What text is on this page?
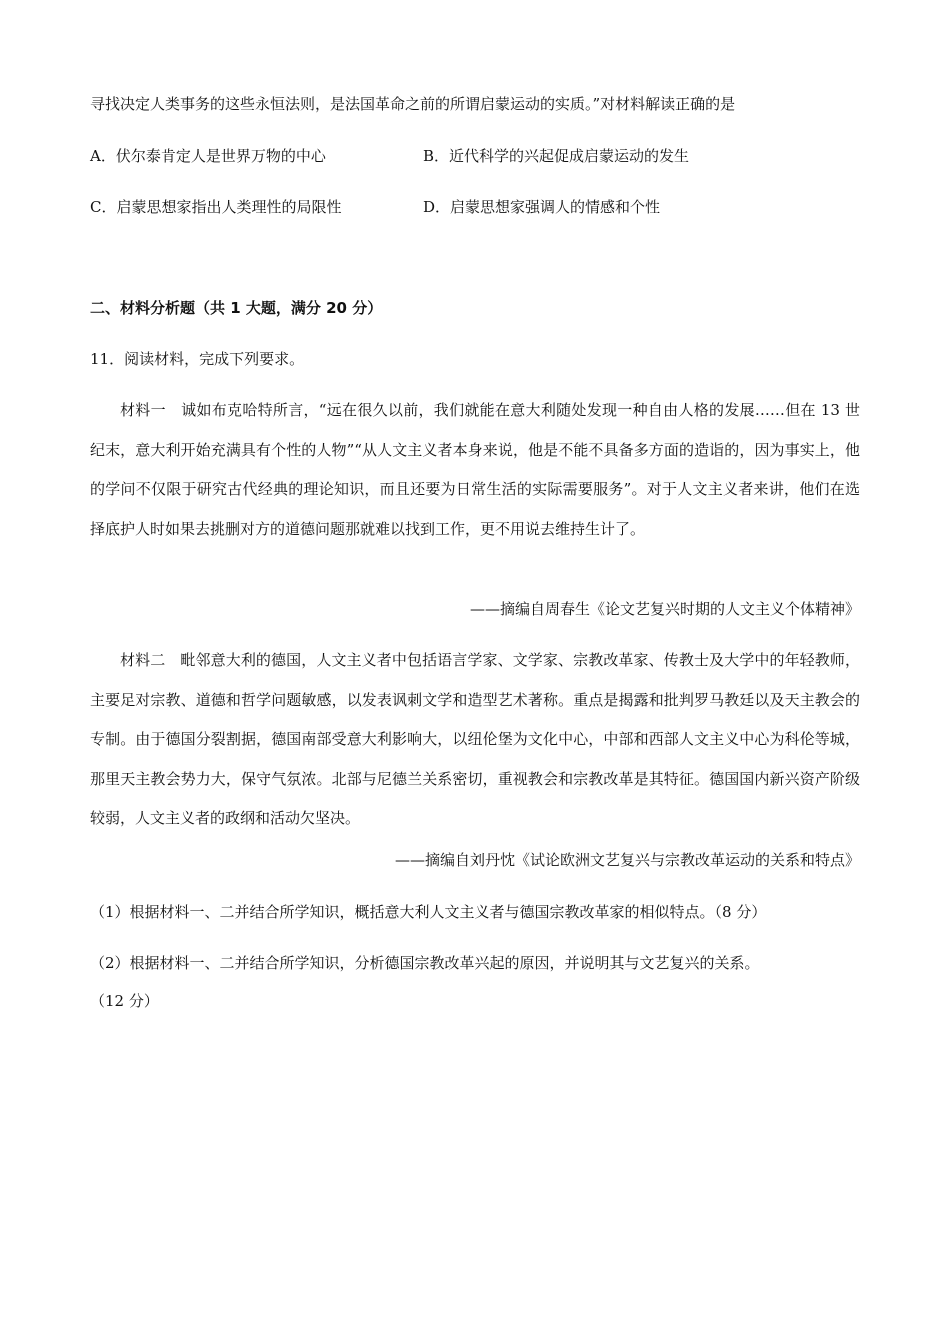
寻找决定人类事务的这些永恒法则，是法国革命之前的所谓启蒙运动的实质。”对材料解读正确的是
A．伏尔泰肯定人是世界万物的中心	B．近代科学的兴起促成启蒙运动的发生
C．启蒙思想家指出人类理性的局限性	D．启蒙思想家强调人的情感和个性
二、材料分析题（共 1 大题，满分 20 分）
11．阅读材料，完成下列要求。
材料一　诚如布克哈特所言，“远在很久以前，我们就能在意大利随处发现一种自由人格的发展……但在 13 世纪末，意大利开始充满具有个性的人物”“从人文主义者本身来说，他是不能不具备多方面的造诣的，因为事实上，他的学问不仅限于研究古代经典的理论知识，而且还要为日常生活的实际需要服务”。对于人文主义者来讲，他们在选择底护人时如果去挑删对方的道德问题那就难以找到工作，更不用说去维持生计了。
——摘编自周春生《论文艺复兴时期的人文主义个体精神》
材料二　毗邻意大利的德国，人文主义者中包括语言学家、文学家、宗教改革家、传教士及大学中的年轻教师，主要足对宗教、道德和哲学问题敏感，以发表讽刺文学和造型艺术著称。重点是揭露和批判罗马教廷以及天主教会的专制。由于德国分裂割据，德国南部受意大利影响大，以纽伦堡为文化中心，中部和西部人文主义中心为科伦等城，那里天主教会势力大，保守气氛浓。北部与尼德兰关系密切，重视教会和宗教改革是其特征。德国国内新兴资产阶级较弱，人文主义者的政纲和活动欠坚决。
——摘编自刘丹忱《试论欧洲文艺复兴与宗教改革运动的关系和特点》
（1）根据材料一、二并结合所学知识，概括意大利人文主义者与德国宗教改革家的相似特点。（8 分）
（2）根据材料一、二并结合所学知识，分析德国宗教改革兴起的原因，并说明其与文艺复兴的关系。
（12 分）
